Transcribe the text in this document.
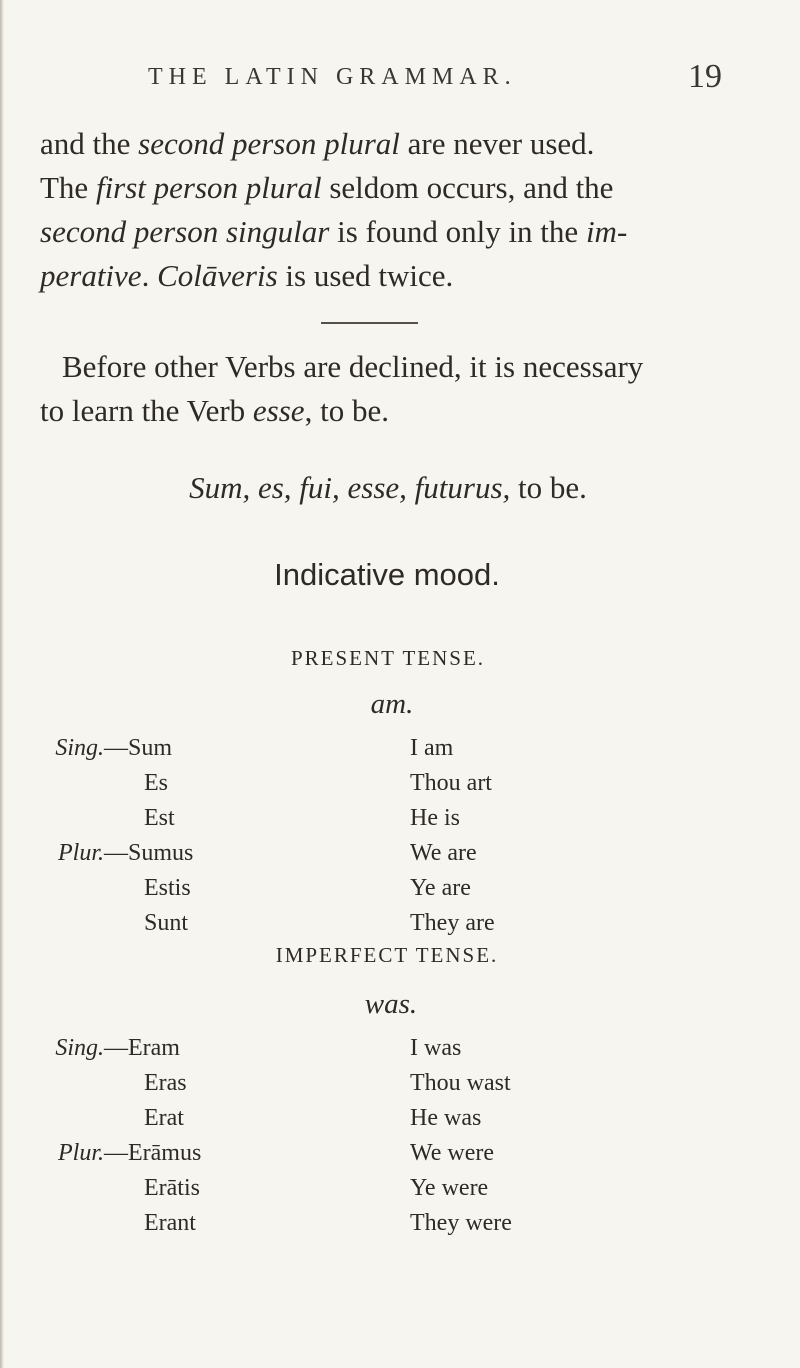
THE LATIN GRAMMAR.	19
and the second person plural are never used.
The first person plural seldom occurs, and the
second person singular is found only in the im-
perative. Colāveris is used twice.
Before other Verbs are declined, it is necessary
to learn the Verb esse, to be.
Sum, es, fui, esse, futurus, to be.
Indicative mood.
PRESENT TENSE.
am.
Sing. — Sum	I am
Es	Thou art
Est	He is
Plur. — Sumus	We are
Estis	Ye are
Sunt	They are
IMPERFECT TENSE.
was.
Sing. — Eram	I was
Eras	Thou wast
Erat	He was
Plur. — Erāmus	We were
Erātis	Ye were
Erant	They were
